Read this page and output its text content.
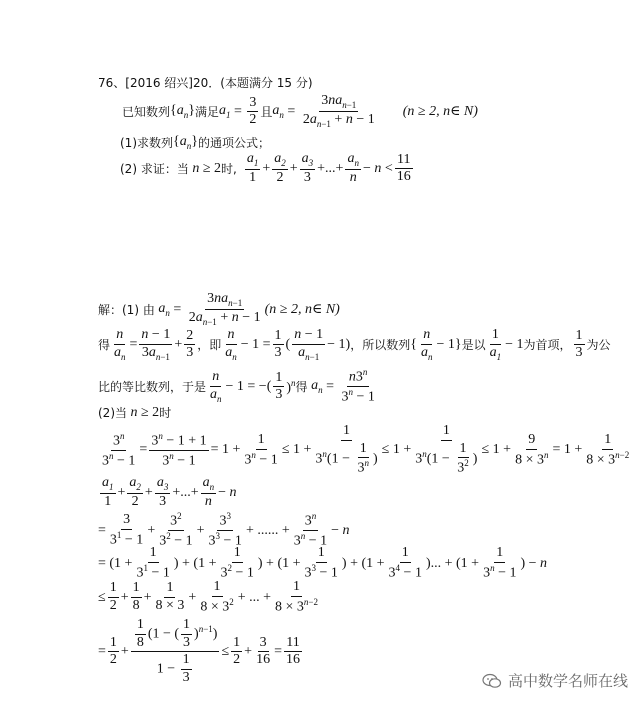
76、[2016 绍兴]20．(本题满分 15 分)
已知数列 $\{a_n\}$ 满足 $a_1 = \frac{3}{2}$ 且 $a_n$ =
$3na_{n-1}$
$2a_{n-1} + n - 1$
(n ≥ 2, n∈ N)
(1)求数列 $\{a_n\}$ 的通项公式；
(2) 求证：当 n ≥ 2 时,
$a_1$
1
+ $\frac{a_2}{2} + \frac{a_3}{3}$ +...+ $\frac{a_n}{n} - n$ <
11
16
解：(1) 由 $a_n$ =
$3na_{n-1}$
$2a_{n-1} + n - 1$
(n ≥ 2, n∈ N)
得 $\frac{n}{a_n} = \frac{n - 1}{3a_{n-1}} + \frac{2}{3}$ ，即
n
$a_n$
− $1 = \frac{1}{3}$ (
n − 1
$a_{n-1}$
− 1) ，所以数列 {
n
$a_n$
− 1} 是以
1
$a_1$
− 1 为首项，
1
3 为公
比的等比数列，于是
n
$a_n$
− 1 = −(
1
3 )$^n$ 得 $a_n = \frac{n3^n}{3^n - 1}$
(2)当 n ≥ 2 时
$\frac{3^n}{3^n - 1} = \frac{3^n - 1 + 1}{3^n - 1} = 1 + \frac{1}{3^n - 1} \le 1 + \frac{1}{3^n(1 - \frac{1}{3^n} )} \le 1 + \frac{1}{3^n(1 - \frac{1}{3^2} )} \le 1 + \frac{9}{8 \times 3^n} = 1 + \frac{1}{8 \times 3^{n-2}}$
$a_1$
1
+ $\frac{a_2}{2} + \frac{a_3}{3}$ +...+ $\frac{a_n}{n} - n$
= $\frac{3}{3^1 - 1} + \frac{3^2}{3^2 - 1} + \frac{3^3}{3^3 - 1}$ + ...... + $\frac{3^n}{3^n - 1} - n$
= ($1 + \frac{1}{3^1 - 1}$ ) + ($1 + \frac{1}{3^2 - 1}$ ) + ($1 + \frac{1}{3^3 - 1}$ ) + ($1 + \frac{1}{3^4 - 1}$ )... + ($1 + \frac{1}{3^n - 1}$ ) − n
≤ $\frac{1}{2} + \frac{1}{8} + \frac{1}{8 \times 3} + \frac{1}{8 \times 3^2}$ + ... + $\frac{1}{8 \times 3^{n-2}}$
= $\frac{1}{2} + \frac{\frac{1}{8} (1 - ( \frac{1}{3} )^{n-1})}{1 - \frac{1}{3}} \le \frac{1}{2} + \frac{3}{16} = \frac{11}{16}$
高中数学名师在线
